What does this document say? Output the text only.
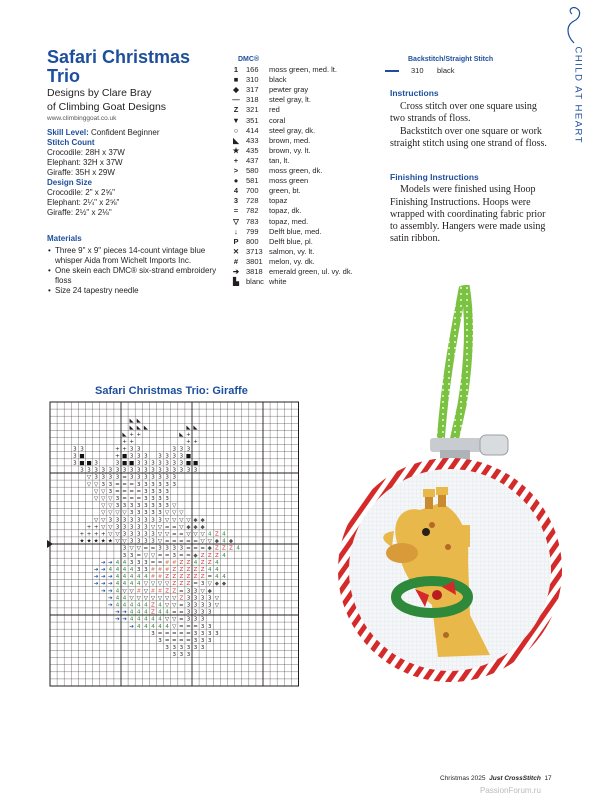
CHILD AT HEART
Safari Christmas Trio
Designs by Clare Bray
of Climbing Goat Designs
www.climbinggoat.co.uk
Skill Level: Confident Beginner
Stitch Count
Crocodile: 28H x 37W
Elephant: 32H x 37W
Giraffe: 35H x 29W
Design Size
Crocodile: 2" x 2⅝"
Elephant: 2¼" x 2⅝"
Giraffe: 2½" x 2⅛"
Materials
• Three 9" x 9" pieces 14-count vintage blue whisper Aida from Wichelt Imports Inc.
• One skein each DMC® six-strand embroidery floss
• Size 24 tapestry needle
DMC®
1	166	moss green, med. lt.
■	310	black
◆ 317	pewter gray
— 318	steel gray, lt.
Z	321	red
▼ 351	coral
○	414	steel gray, dk.
◣ 433	brown, med.
★ 435	brown, vy. lt.
+	437	tan, lt.
>	580	moss green, dk.
●	581	moss green
4	700	green, bt.
3	728	topaz
=	782	topaz, dk.
▽ 783	topaz, med.
↓	799	Delft blue, med.
P	800	Delft blue, pl.
✕ 3713 salmon, vy. lt.
#	3801 melon, vy. dk.
➔ 3818 emerald green, ul. vy. dk.
▙ blanc white
Backstitch/Straight Stitch
310	black
Instructions

Cross stitch over one square using two strands of floss.

Backstitch over one square or work straight stitch using one strand of floss.

Finishing Instructions

Models were finished using Hoop Finishing Instructions. Hoops were wrapped with coordinating fabric prior to assembly. Hangers were made using satin ribbon.

Safari Christmas Trio: Giraffe
◣ ◣
◣ ◣ ◣	◣ ◣
◣ + +	◣ +
+ +	+ +
3 3	+ + 3 3	3 3 3
3 ■	+ ■ 3 3 3 3 3 3 3 ■
3 ■ ■ 3	3 ■ ■ 3 3 3 3 3 3 3 ■ ■
3 3 3 3 3 3 3 3 3 3 3 3 3 3 3 3 3
▽ 3 3 3 3 = 3 3 3 3 3 3 3
▽ ▽ 3 3 = = = 3 3 3 3 3 3
▽ ▽ 3 = = = = 3 3 3 3
▽ ▽ ▽ 3 = = = 3 3 3 3
▽ ▽ 3 3 3 3 3 3 3 3 ▽
▽ ▽ ▽ ▽ 3 3 3 3 3 ▽ ▽ ▽
▽ ▽ 3 3 3 3 3 3 3 3 ▽ ▽ ▽ ▽ ◆ ◆
+ + ▽ ▽ 3 3 3 3 3 ▽ ▽ = = ▽ ◆ ◆ ◆
+ + + + ▽ ▽ 3 3 3 3 3 ▽ ▽ = = ▽ ▽ ▽ 4 Z 4
★ ★ ★ ★ ★ ▽ ▽ 3 3 3 3 ▽ = = = = = ▽ ▽ ◆ 4 ◆
3 ▽ ▽ = = 3 3 3 3 = = = ◆ Z Z Z 4
3 3 = ▽ ▽ = = 3 = = ◆ Z Z Z 4
➔ ➔ 4 4 3 3 3 = = # # Z Z 4 Z Z 4
➔ ➔ 4 4 4 4 3 3 # # # Z Z Z Z Z 4 4
➔ ➔ ➔ 4 4 4 4 4 # # Z Z Z Z Z Z = 4 4
➔ ➔ ➔ 4 4 4 4 ▽ ▽ ▽ ▽ Z Z Z = 3 ▽ ◆ ◆
➔ ➔ 4 ▽ ▽ # ▽ # # Z Z = 3 3 ▽ ◆
➔ 4 4 ▽ ▽ ▽ ▽ ▽ ▽ ▽ Z 3 3 3 3 ▽
➔ 4 4 4 4 4 Z 4 ▽ ▽ = 3 3 3 3 ▽
➔ ➔ 4 4 4 Z 4 4 = = 3 3 3 3
➔ ➔ 4 4 4 4 4 ▽ ▽ = 3 3 3
➔ 4 4 4 4 4 ▽ = = = 3 3
3 = = = = = 3 3 3 3
3 = = = = 3 3 3
3 3 3 3 3 3
3 3 3
Christmas 2025 Just CrossStitch 17
PassionForum.ru
